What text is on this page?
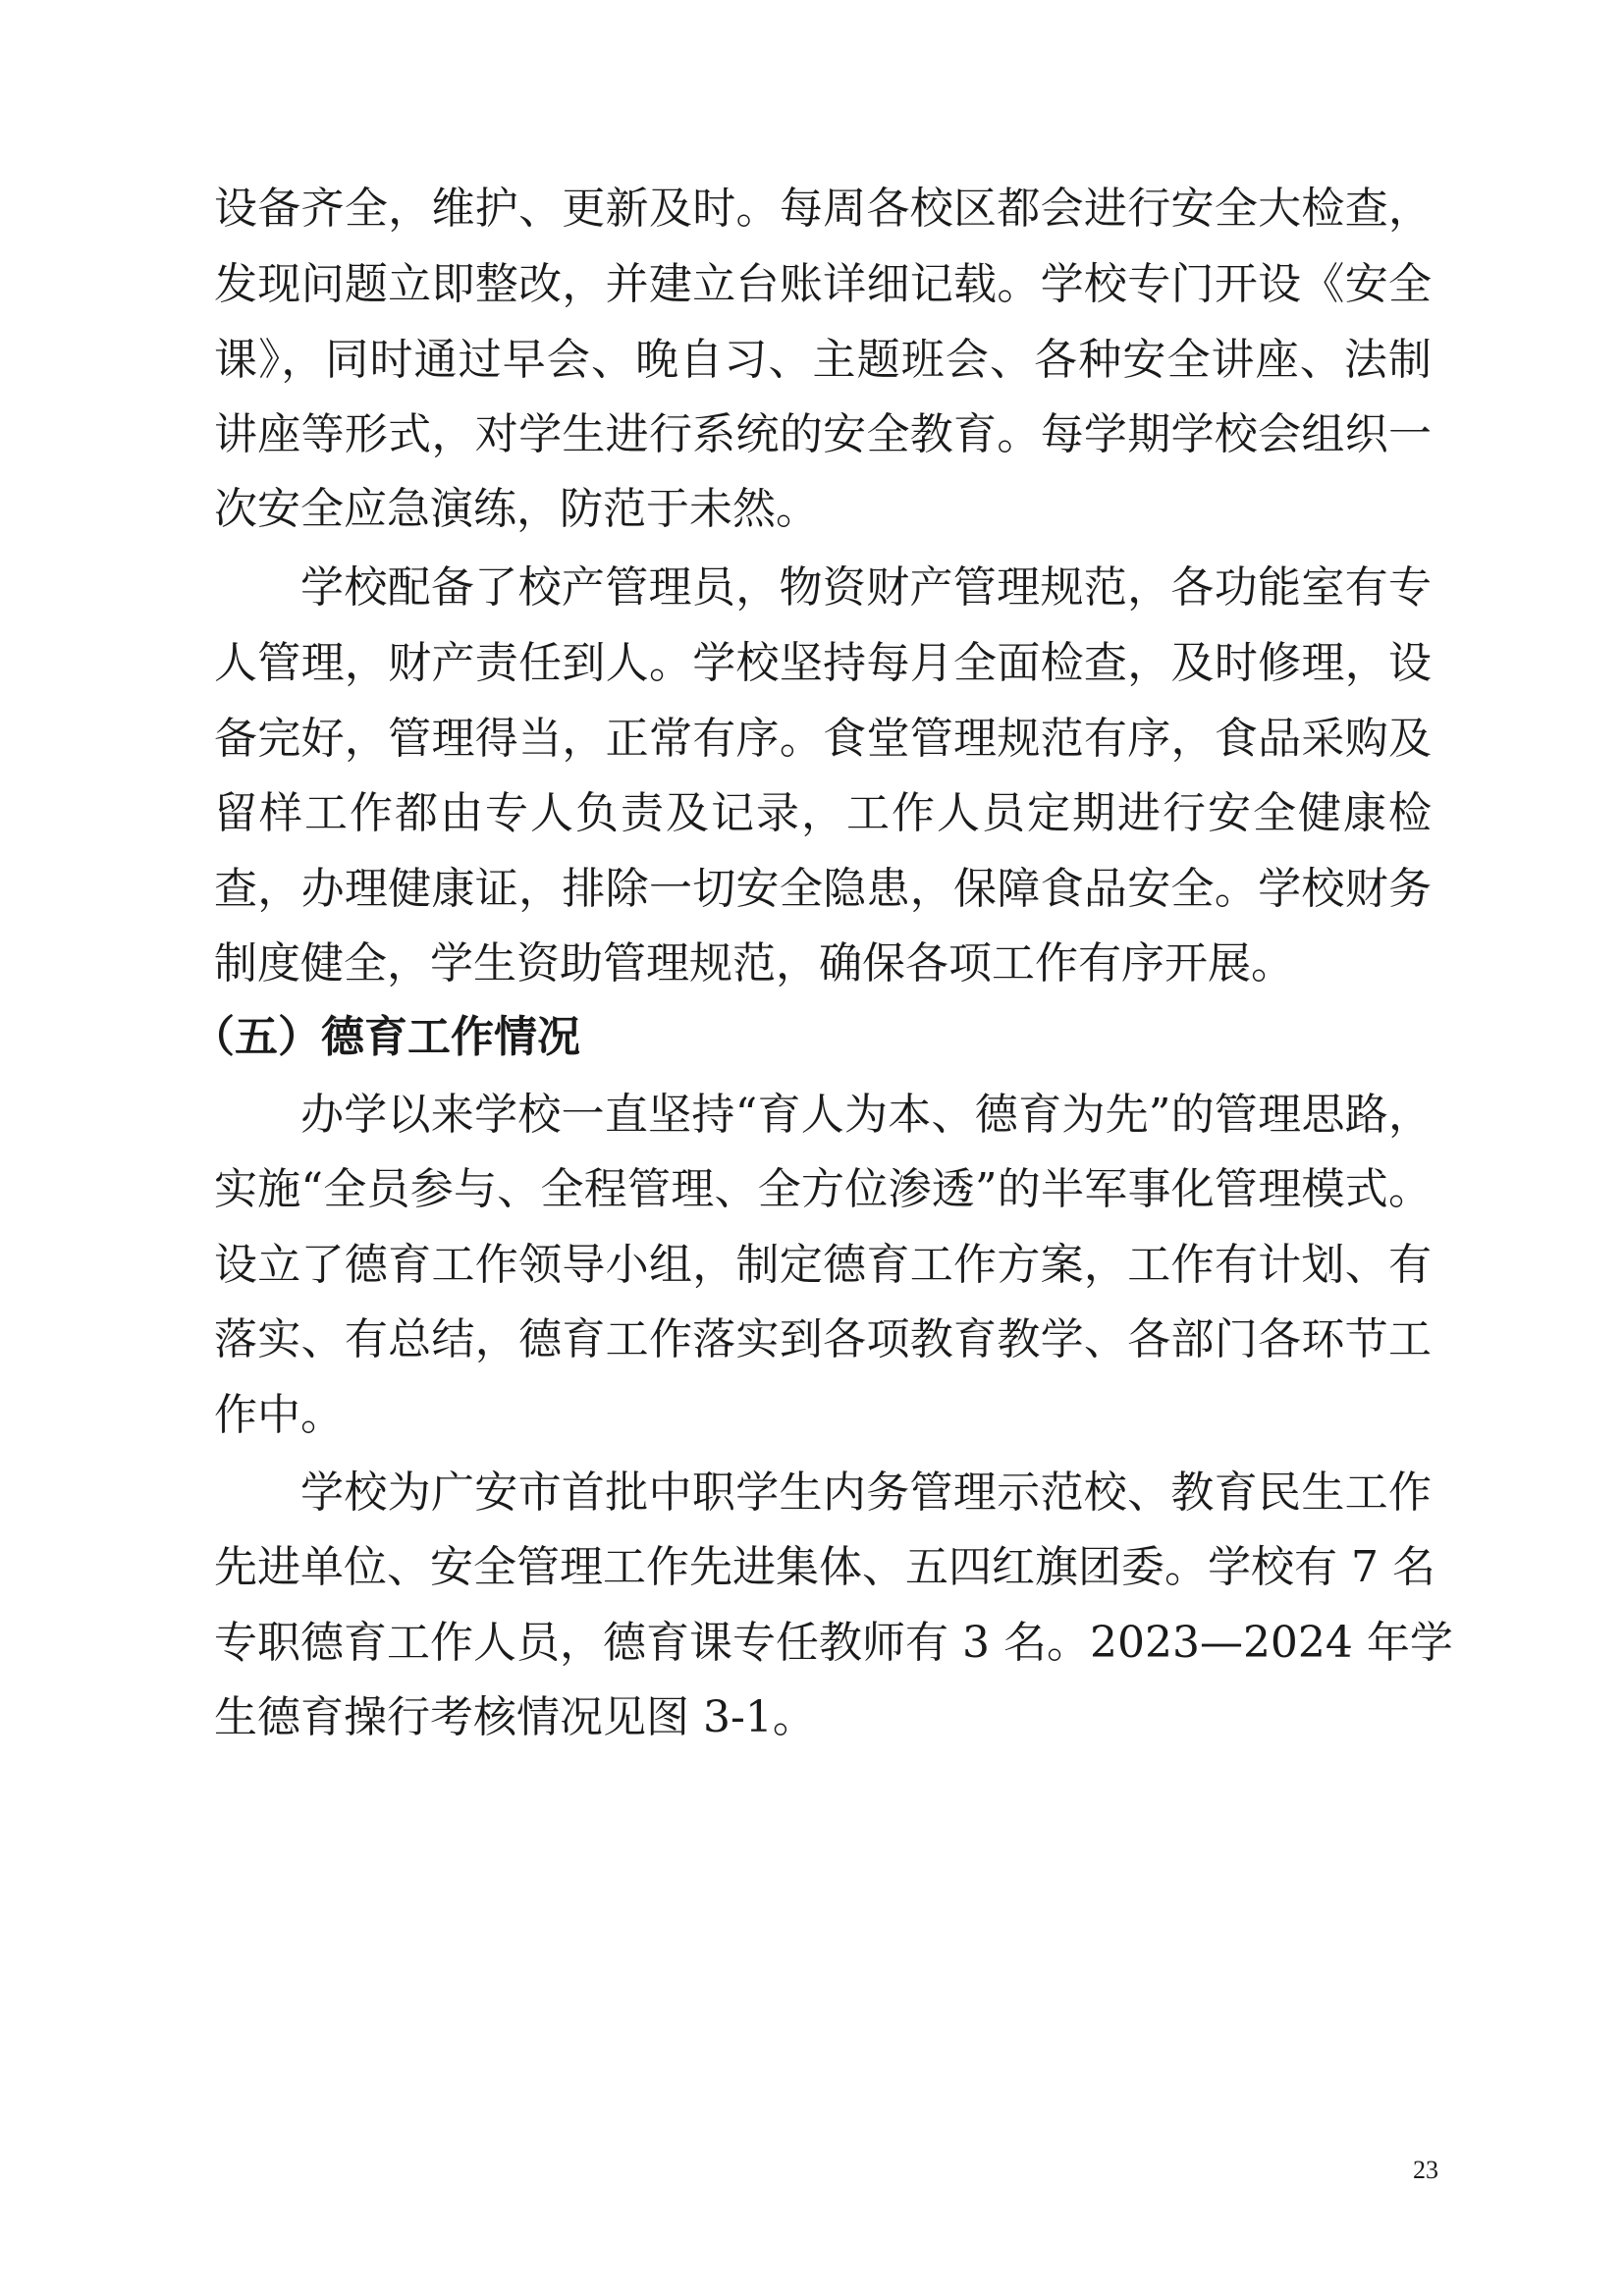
设备齐全，维护、更新及时。每周各校区都会进行安全大检查，
发现问题立即整改，并建立台账详细记载。学校专门开设《安全
课》，同时通过早会、晚自习、主题班会、各种安全讲座、法制
讲座等形式，对学生进行系统的安全教育。每学期学校会组织一
次安全应急演练，防范于未然。
学校配备了校产管理员，物资财产管理规范，各功能室有专
人管理，财产责任到人。学校坚持每月全面检查，及时修理，设
备完好，管理得当，正常有序。食堂管理规范有序，食品采购及
留样工作都由专人负责及记录，工作人员定期进行安全健康检
查，办理健康证，排除一切安全隐患，保障食品安全。学校财务
制度健全，学生资助管理规范，确保各项工作有序开展。
（五）德育工作情况
办学以来学校一直坚持“育人为本、德育为先”的管理思路，
实施“全员参与、全程管理、全方位渗透”的半军事化管理模式。
设立了德育工作领导小组，制定德育工作方案，工作有计划、有
落实、有总结，德育工作落实到各项教育教学、各部门各环节工
作中。
学校为广安市首批中职学生内务管理示范校、教育民生工作
先进单位、安全管理工作先进集体、五四红旗团委。学校有 7 名
专职德育工作人员，德育课专任教师有 3 名。2023—2024 年学
生德育操行考核情况见图 3-1。
23
